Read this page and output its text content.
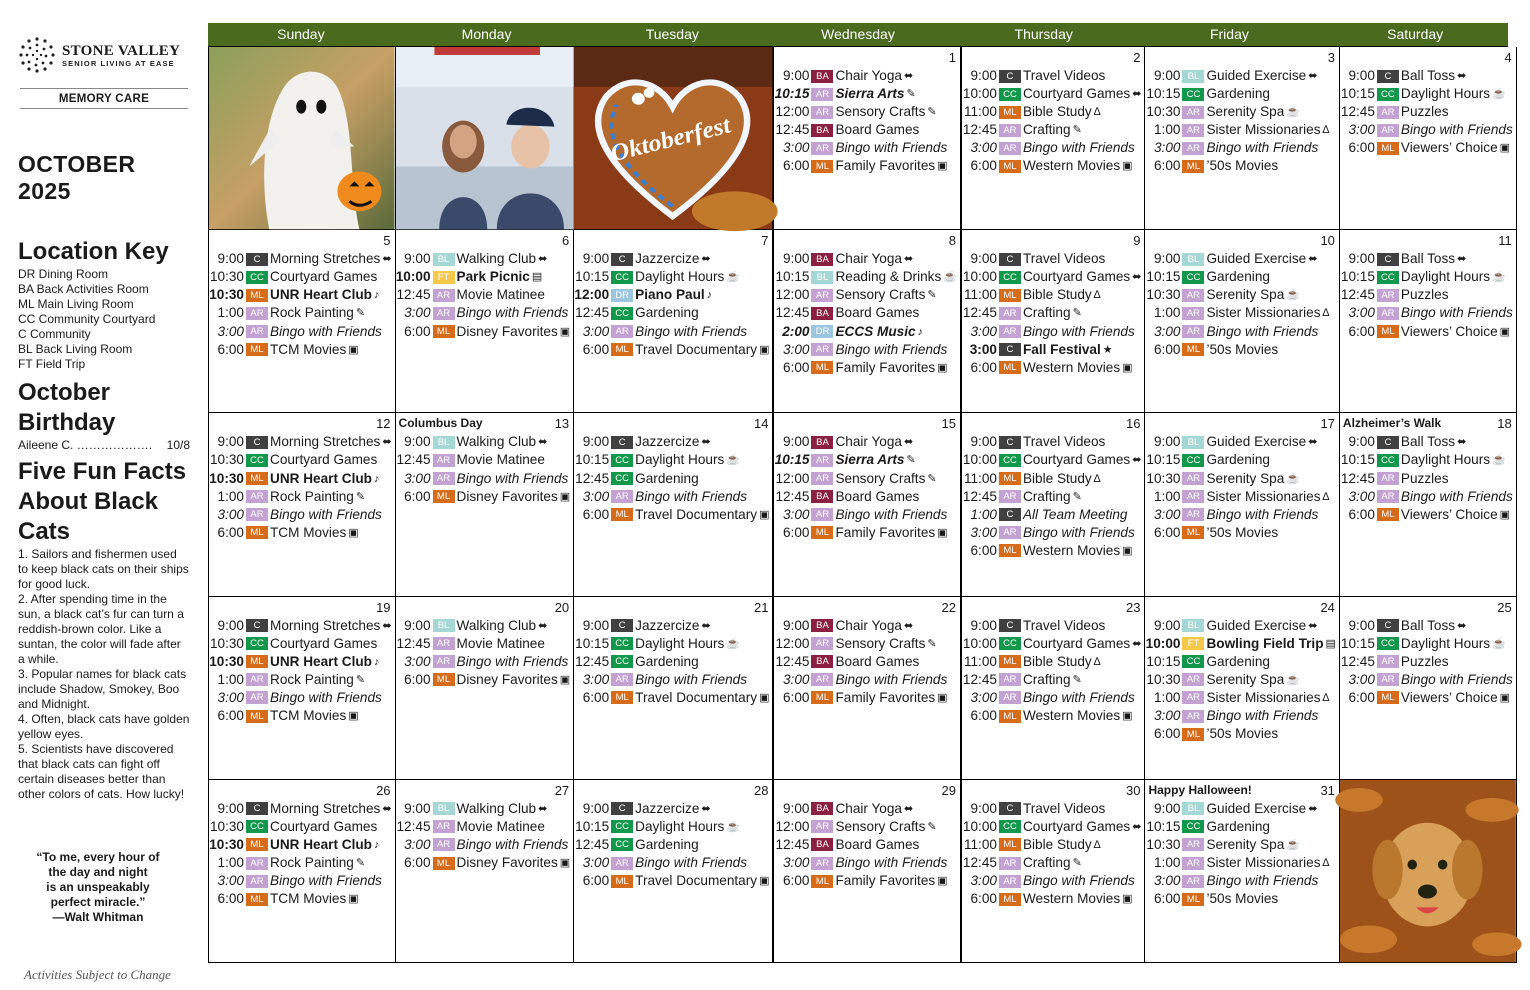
STONE VALLEY
SENIOR LIVING AT EASE
MEMORY CARE
OCTOBER 2025
Location Key
DR Dining Room
BA Back Activities Room
ML Main Living Room
CC Community Courtyard
C Community
BL Back Living Room
FT Field Trip
October
Birthday
Aileene C. ………………. 10/8
Five Fun Facts
About Black
Cats
1. Sailors and fishermen used to keep black cats on their ships for good luck.
2. After spending time in the sun, a black cat’s fur can turn a reddish-brown color. Like a suntan, the color will fade after a while.
3. Popular names for black cats include Shadow, Smokey, Boo and Midnight.
4. Often, black cats have golden yellow eyes.
5. Scientists have discovered that black cats can fight off certain diseases better than other colors of cats. How lucky!
“To me, every hour of
the day and night
is an unspeakably
perfect miracle.”
—Walt Whitman
Activities Subject to Change
Sunday	Monday	Tuesday	Wednesday	Thursday	Friday	Saturday
Oktoberfest
1
9:00 BA Chair Yoga ⬌
10:15 AR Sierra Arts ✎
12:00 AR Sensory Crafts ✎
12:45 BA Board Games
3:00 AR Bingo with Friends
6:00 ML Family Favorites ▣
2
9:00	C Travel Videos
10:00 CC Courtyard Games ⬌
11:00 ML Bible Study ∆
12:45 AR Crafting ✎
3:00 AR Bingo with Friends
6:00 ML Western Movies ▣
3
9:00 BL Guided Exercise ⬌
10:15 CC Gardening
10:30 AR Serenity Spa ☕
1:00 AR Sister Missionaries ∆
3:00 AR Bingo with Friends
6:00 ML ’50s Movies
4
9:00	C Ball Toss ⬌
10:15 CC Daylight Hours ☕
12:45 AR Puzzles
3:00 AR Bingo with Friends
6:00 ML Viewers’ Choice ▣
5
9:00	C Morning Stretches ⬌
10:30 CC Courtyard Games
10:30 ML UNR Heart Club ♪
1:00 AR Rock Painting ✎
3:00 AR Bingo with Friends
6:00 ML TCM Movies ▣
6
9:00 BL Walking Club ⬌
10:00 FT Park Picnic ▤
12:45 AR Movie Matinee
3:00 AR Bingo with Friends
6:00 ML Disney Favorites ▣
7
9:00	C Jazzercize ⬌
10:15 CC Daylight Hours ☕
12:00 DR Piano Paul ♪
12:45 CC Gardening
3:00 AR Bingo with Friends
6:00 ML Travel Documentary ▣
8
9:00 BA Chair Yoga ⬌
10:15 BL Reading & Drinks ☕
12:00 AR Sensory Crafts ✎
12:45 BA Board Games
2:00 DR ECCS Music ♪
3:00 AR Bingo with Friends
6:00 ML Family Favorites ▣
9
9:00	C Travel Videos
10:00 CC Courtyard Games ⬌
11:00 ML Bible Study ∆
12:45 AR Crafting ✎
3:00 AR Bingo with Friends
3:00	C Fall Festival ★
6:00 ML Western Movies ▣
10
9:00 BL Guided Exercise ⬌
10:15 CC Gardening
10:30 AR Serenity Spa ☕
1:00 AR Sister Missionaries ∆
3:00 AR Bingo with Friends
6:00 ML ’50s Movies
11
9:00	C Ball Toss ⬌
10:15 CC Daylight Hours ☕
12:45 AR Puzzles
3:00 AR Bingo with Friends
6:00 ML Viewers’ Choice ▣
12
9:00	C Morning Stretches ⬌
10:30 CC Courtyard Games
10:30 ML UNR Heart Club ♪
1:00 AR Rock Painting ✎
3:00 AR Bingo with Friends
6:00 ML TCM Movies ▣
Columbus Day	13
9:00 BL Walking Club ⬌
12:45 AR Movie Matinee
3:00 AR Bingo with Friends
6:00 ML Disney Favorites ▣
14
9:00	C Jazzercize ⬌
10:15 CC Daylight Hours ☕
12:45 CC Gardening
3:00 AR Bingo with Friends
6:00 ML Travel Documentary ▣
15
9:00 BA Chair Yoga ⬌
10:15 AR Sierra Arts ✎
12:00 AR Sensory Crafts ✎
12:45 BA Board Games
3:00 AR Bingo with Friends
6:00 ML Family Favorites ▣
16
9:00	C Travel Videos
10:00 CC Courtyard Games ⬌
11:00 ML Bible Study ∆
12:45 AR Crafting ✎
1:00	C All Team Meeting
3:00 AR Bingo with Friends
6:00 ML Western Movies ▣
17
9:00 BL Guided Exercise ⬌
10:15 CC Gardening
10:30 AR Serenity Spa ☕
1:00 AR Sister Missionaries ∆
3:00 AR Bingo with Friends
6:00 ML ’50s Movies
Alzheimer’s Walk	18
9:00	C Ball Toss ⬌
10:15 CC Daylight Hours ☕
12:45 AR Puzzles
3:00 AR Bingo with Friends
6:00 ML Viewers’ Choice ▣
19
9:00	C Morning Stretches ⬌
10:30 CC Courtyard Games
10:30 ML UNR Heart Club ♪
1:00 AR Rock Painting ✎
3:00 AR Bingo with Friends
6:00 ML TCM Movies ▣
20
9:00 BL Walking Club ⬌
12:45 AR Movie Matinee
3:00 AR Bingo with Friends
6:00 ML Disney Favorites ▣
21
9:00	C Jazzercize ⬌
10:15 CC Daylight Hours ☕
12:45 CC Gardening
3:00 AR Bingo with Friends
6:00 ML Travel Documentary ▣
22
9:00 BA Chair Yoga ⬌
12:00 AR Sensory Crafts ✎
12:45 BA Board Games
3:00 AR Bingo with Friends
6:00 ML Family Favorites ▣
23
9:00	C Travel Videos
10:00 CC Courtyard Games ⬌
11:00 ML Bible Study ∆
12:45 AR Crafting ✎
3:00 AR Bingo with Friends
6:00 ML Western Movies ▣
24
9:00 BL Guided Exercise ⬌
10:00 FT Bowling Field Trip ▤
10:15 CC Gardening
10:30 AR Serenity Spa ☕
1:00 AR Sister Missionaries ∆
3:00 AR Bingo with Friends
6:00 ML ’50s Movies
25
9:00	C Ball Toss ⬌
10:15 CC Daylight Hours ☕
12:45 AR Puzzles
3:00 AR Bingo with Friends
6:00 ML Viewers’ Choice ▣
26
9:00	C Morning Stretches ⬌
10:30 CC Courtyard Games
10:30 ML UNR Heart Club ♪
1:00 AR Rock Painting ✎
3:00 AR Bingo with Friends
6:00 ML TCM Movies ▣
27
9:00 BL Walking Club ⬌
12:45 AR Movie Matinee
3:00 AR Bingo with Friends
6:00 ML Disney Favorites ▣
28
9:00	C Jazzercize ⬌
10:15 CC Daylight Hours ☕
12:45 CC Gardening
3:00 AR Bingo with Friends
6:00 ML Travel Documentary ▣
29
9:00 BA Chair Yoga ⬌
12:00 AR Sensory Crafts ✎
12:45 BA Board Games
3:00 AR Bingo with Friends
6:00 ML Family Favorites ▣
30
9:00	C Travel Videos
10:00 CC Courtyard Games ⬌
11:00 ML Bible Study ∆
12:45 AR Crafting ✎
3:00 AR Bingo with Friends
6:00 ML Western Movies ▣
Happy Halloween!	31
9:00 BL Guided Exercise ⬌
10:15 CC Gardening
10:30 AR Serenity Spa ☕
1:00 AR Sister Missionaries ∆
3:00 AR Bingo with Friends
6:00 ML ’50s Movies
